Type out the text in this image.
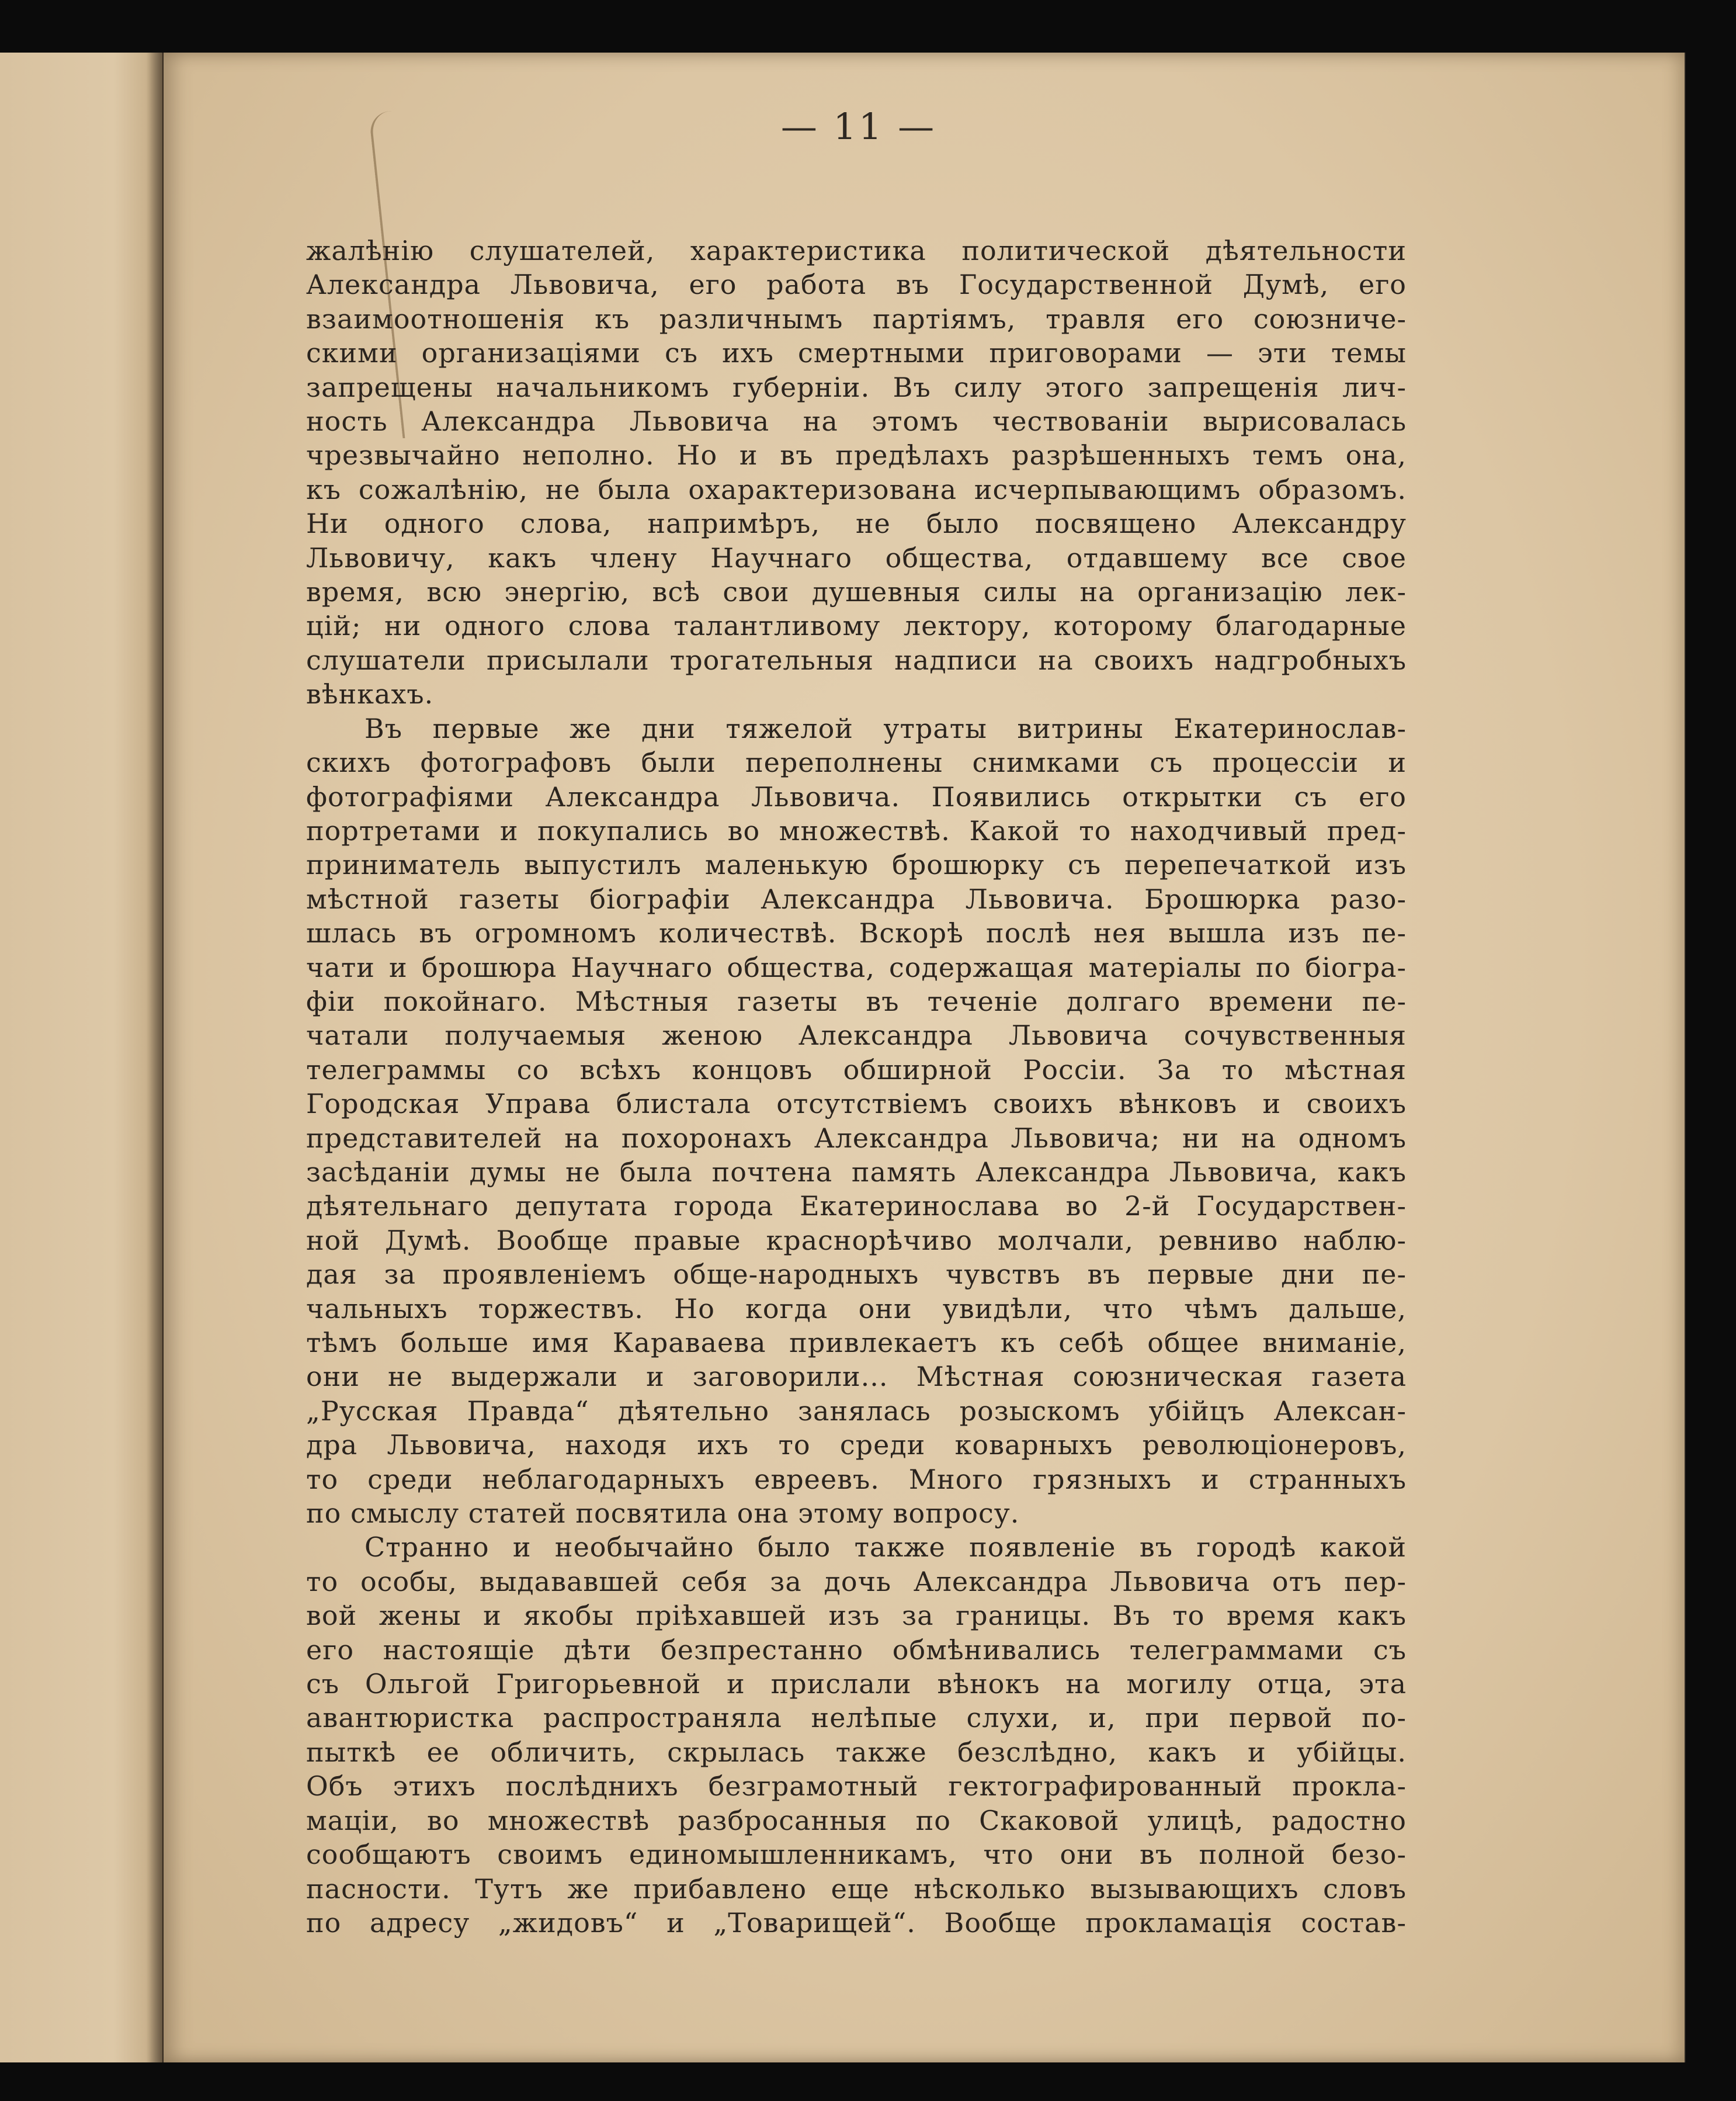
— 11 —
жалѣнію слушателей, характеристика политической дѣятельности
Александра Львовича, его работа въ Государственной Думѣ, его
взаимоотношенія къ различнымъ партіямъ, травля его союзниче-
скими организаціями съ ихъ смертными приговорами — эти темы
запрещены начальникомъ губерніи. Въ силу этого запрещенія лич-
ность Александра Львовича на этомъ чествованіи вырисовалась
чрезвычайно неполно. Но и въ предѣлахъ разрѣшенныхъ темъ она,
къ сожалѣнію, не была охарактеризована исчерпывающимъ образомъ.
Ни одного слова, напримѣръ, не было посвящено Александру
Львовичу, какъ члену Научнаго общества, отдавшему все свое
время, всю энергію, всѣ свои душевныя силы на организацію лек-
цій; ни одного слова талантливому лектору, которому благодарные
слушатели присылали трогательныя надписи на своихъ надгробныхъ
вѣнкахъ.
Въ первые же дни тяжелой утраты витрины Екатеринослав-
скихъ фотографовъ были переполнены снимками съ процессіи и
фотографіями Александра Львовича. Появились открытки съ его
портретами и покупались во множествѣ. Какой то находчивый пред-
приниматель выпустилъ маленькую брошюрку съ перепечаткой изъ
мѣстной газеты біографіи Александра Львовича. Брошюрка разо-
шлась въ огромномъ количествѣ. Вскорѣ послѣ нея вышла изъ пе-
чати и брошюра Научнаго общества, содержащая матеріалы по біогра-
фіи покойнаго. Мѣстныя газеты въ теченіе долгаго времени пе-
чатали получаемыя женою Александра Львовича сочувственныя
телеграммы со всѣхъ концовъ обширной Россіи. За то мѣстная
Городская Управа блистала отсутствіемъ своихъ вѣнковъ и своихъ
представителей на похоронахъ Александра Львовича; ни на одномъ
засѣданіи думы не была почтена память Александра Львовича, какъ
дѣятельнаго депутата города Екатеринослава во 2-й Государствен-
ной Думѣ. Вообще правые краснорѣчиво молчали, ревниво наблю-
дая за проявленіемъ обще-народныхъ чувствъ въ первые дни пе-
чальныхъ торжествъ. Но когда они увидѣли, что чѣмъ дальше,
тѣмъ больше имя Караваева привлекаетъ къ себѣ общее вниманіе,
они не выдержали и заговорили... Мѣстная союзническая газета
„Русская Правда“ дѣятельно занялась розыскомъ убійцъ Алексан-
дра Львовича, находя ихъ то среди коварныхъ революціонеровъ,
то среди неблагодарныхъ евреевъ. Много грязныхъ и странныхъ
по смыслу статей посвятила она этому вопросу.
Странно и необычайно было также появленіе въ городѣ какой
то особы, выдававшей себя за дочь Александра Львовича отъ пер-
вой жены и якобы пріѣхавшей изъ за границы. Въ то время какъ
его настоящіе дѣти безпрестанно обмѣнивались телеграммами съ
съ Ольгой Григорьевной и прислали вѣнокъ на могилу отца, эта
авантюристка распространяла нелѣпые слухи, и, при первой по-
пыткѣ ее обличить, скрылась также безслѣдно, какъ и убійцы.
Объ этихъ послѣднихъ безграмотный гектографированный прокла-
маціи, во множествѣ разбросанныя по Скаковой улицѣ, радостно
сообщаютъ своимъ единомышленникамъ, что они въ полной безо-
пасности. Тутъ же прибавлено еще нѣсколько вызывающихъ словъ
по адресу „жидовъ“ и „Товарищей“. Вообще прокламація состав-
